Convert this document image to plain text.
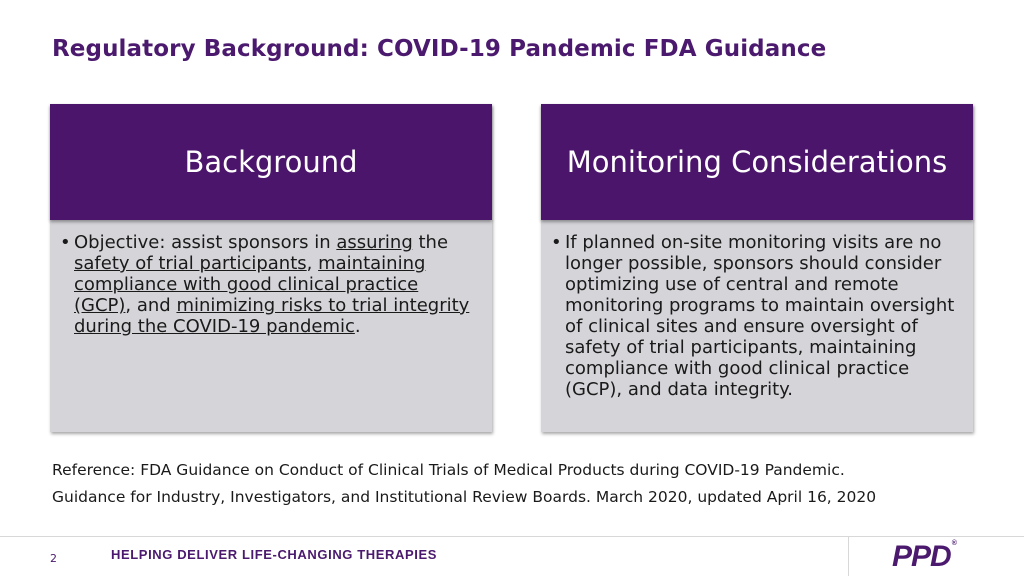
Regulatory Background: COVID-19 Pandemic FDA Guidance
Background
• Objective: assist sponsors in assuring the safety of trial participants, maintaining compliance with good clinical practice (GCP), and minimizing risks to trial integrity during the COVID-19 pandemic.
Monitoring Considerations
• If planned on-site monitoring visits are no longer possible, sponsors should consider optimizing use of central and remote monitoring programs to maintain oversight of clinical sites and ensure oversight of safety of trial participants, maintaining compliance with good clinical practice (GCP), and data integrity.
Reference: FDA Guidance on Conduct of Clinical Trials of Medical Products during COVID-19 Pandemic.
Guidance for Industry, Investigators, and Institutional Review Boards. March 2020, updated April 16, 2020
2	HELPING DELIVER LIFE-CHANGING THERAPIES	PPD®
